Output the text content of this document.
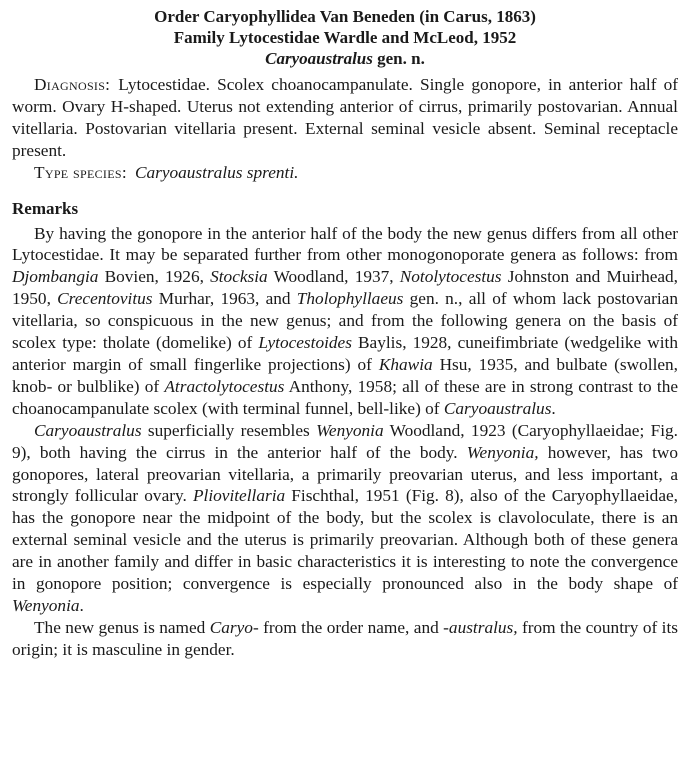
Order Caryophyllidea Van Beneden (in Carus, 1863)
Family Lytocestidae Wardle and McLeod, 1952
Caryoaustralus gen. n.

Diagnosis: Lytocestidae. Scolex choanocampanulate. Single gonopore, in anterior half of worm. Ovary H-shaped. Uterus not extending anterior of cirrus, primarily postovarian. Annual vitellaria. Postovarian vitellaria present. External seminal vesicle absent. Seminal receptacle present.

Type species: Caryoaustralus sprenti.

Remarks

By having the gonopore in the anterior half of the body the new genus differs from all other Lytocestidae. It may be separated further from other monogonoporate genera as follows: from Djombangia Bovien, 1926, Stocksia Woodland, 1937, Notolytocestus Johnston and Muirhead, 1950, Crecentovitus Murhar, 1963, and Tholophyllaeus gen. n., all of whom lack postovarian vitellaria, so conspicuous in the new genus; and from the following genera on the basis of scolex type: tholate (domelike) of Lytocestoides Baylis, 1928, cuneifimbriate (wedgelike with anterior margin of small fingerlike projections) of Khawia Hsu, 1935, and bulbate (swollen, knob- or bulblike) of Atractolytocestus Anthony, 1958; all of these are in strong contrast to the choanocampanulate scolex (with terminal funnel, bell-like) of Caryoaustralus.

Caryoaustralus superficially resembles Wenyonia Woodland, 1923 (Caryophyllaeidae; Fig. 9), both having the cirrus in the anterior half of the body. Wenyonia, however, has two gonopores, lateral preovarian vitellaria, a primarily preovarian uterus, and less important, a strongly follicular ovary. Pliovitellaria Fischthal, 1951 (Fig. 8), also of the Caryophyllaeidae, has the gonopore near the midpoint of the body, but the scolex is clavoloculate, there is an external seminal vesicle and the uterus is primarily preovarian. Although both of these genera are in another family and differ in basic characteristics it is interesting to note the convergence in gonopore position; convergence is especially pronounced also in the body shape of Wenyonia.

The new genus is named Caryo- from the order name, and -australus, from the country of its origin; it is masculine in gender.
